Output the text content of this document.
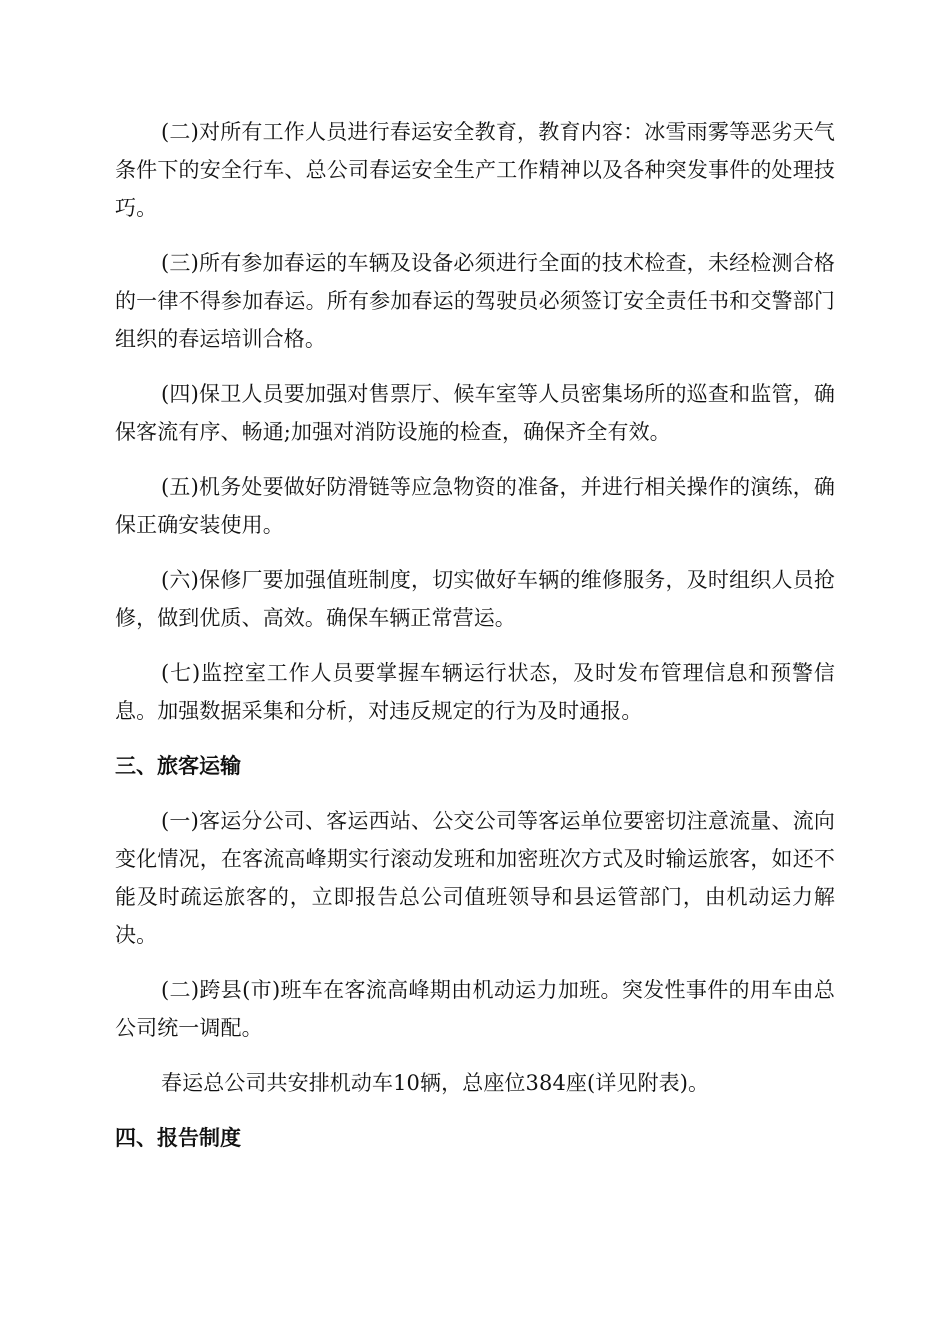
(二)对所有工作人员进行春运安全教育，教育内容：冰雪雨雾等恶劣天气条件下的安全行车、总公司春运安全生产工作精神以及各种突发事件的处理技巧。

(三)所有参加春运的车辆及设备必须进行全面的技术检查，未经检测合格的一律不得参加春运。所有参加春运的驾驶员必须签订安全责任书和交警部门组织的春运培训合格。

(四)保卫人员要加强对售票厅、候车室等人员密集场所的巡查和监管，确保客流有序、畅通;加强对消防设施的检查，确保齐全有效。

(五)机务处要做好防滑链等应急物资的准备，并进行相关操作的演练，确保正确安装使用。

(六)保修厂要加强值班制度，切实做好车辆的维修服务，及时组织人员抢修，做到优质、高效。确保车辆正常营运。

(七)监控室工作人员要掌握车辆运行状态，及时发布管理信息和预警信息。加强数据采集和分析，对违反规定的行为及时通报。

三、旅客运输

(一)客运分公司、客运西站、公交公司等客运单位要密切注意流量、流向变化情况，在客流高峰期实行滚动发班和加密班次方式及时输运旅客，如还不能及时疏运旅客的，立即报告总公司值班领导和县运管部门，由机动运力解决。

(二)跨县(市)班车在客流高峰期由机动运力加班。突发性事件的用车由总公司统一调配。

春运总公司共安排机动车10辆，总座位384座(详见附表)。

四、报告制度
